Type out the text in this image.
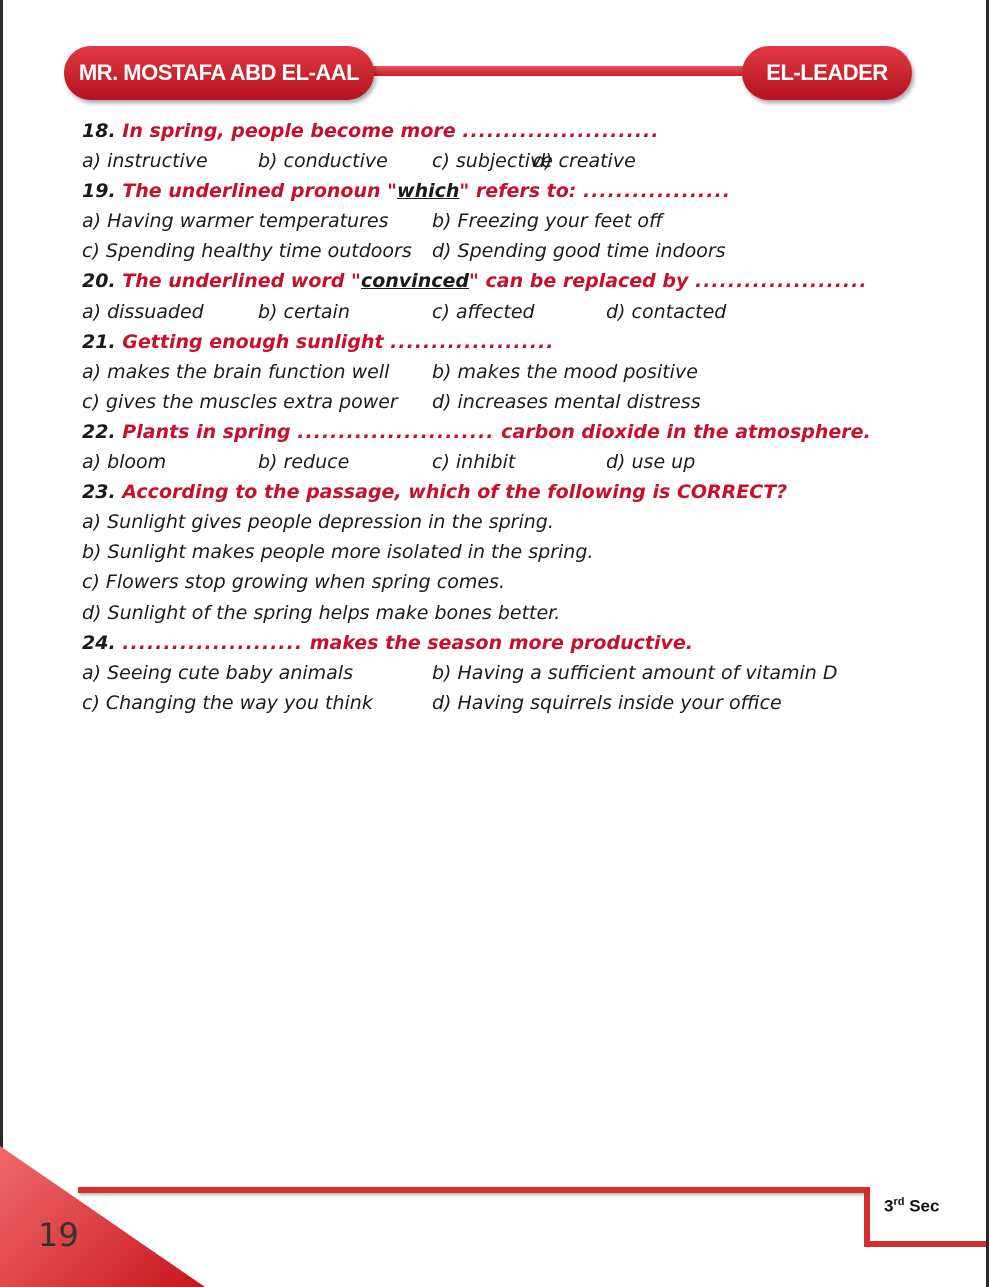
MR. MOSTAFA ABD EL-AAL	EL-LEADER
18. In spring, people become more ........................
a) instructive	b) conductive c) subjective
d) creative
19. The underlined pronoun "which" refers to: ..................
a) Having warmer temperatures b) Freezing your feet off
c) Spending healthy time outdoors d) Spending good time indoors
20. The underlined word "convinced" can be replaced by .....................
a) dissuaded	b) certain	c) affected	d) contacted
21. Getting enough sunlight ....................
a) makes the brain function well b) makes the mood positive
c) gives the muscles extra power d) increases mental distress
22. Plants in spring ........................ carbon dioxide in the atmosphere.
a) bloom	b) reduce	c) inhibit	d) use up
23. According to the passage, which of the following is CORRECT?
a) Sunlight gives people depression in the spring.
b) Sunlight makes people more isolated in the spring.
c) Flowers stop growing when spring comes.
d) Sunlight of the spring helps make bones better.
24. ...................... makes the season more productive.
a) Seeing cute baby animals	b) Having a sufficient amount of vitamin D
c) Changing the way you think	d) Having squirrels inside your office
19
3rd Sec
